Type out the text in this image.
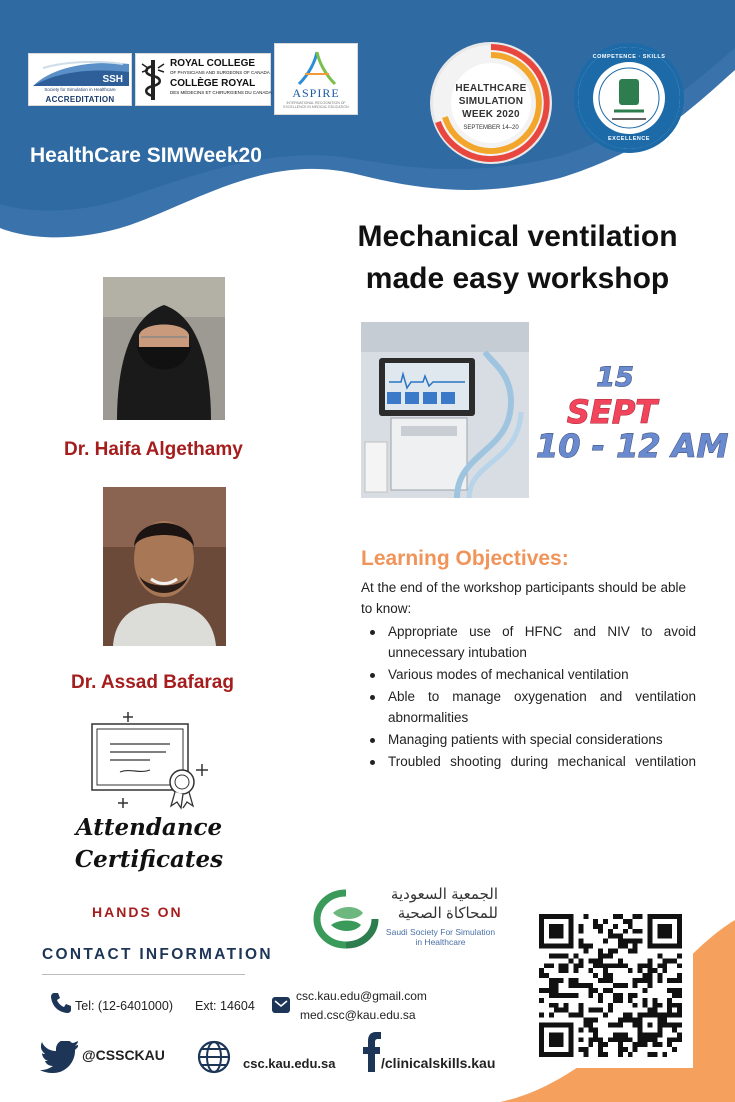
SSH
Society for Simulation in Healthcare
ACCREDITATION
ROYAL COLLEGE
OF PHYSICIANS AND SURGEONS OF CANADA
COLLÈGE ROYAL
DES MÉDECINS ET CHIRURGIENS DU CANADA	ASPIRE
INTERNATIONAL RECOGNITION OF EXCELLENCE IN MEDICAL EDUCATION
HEALTHCARE
SIMULATION
WEEK 2020
SEPTEMBER 14–20
COMPETENCE · SKILLS
EXCELLENCE
HealthCare SIMWeek20
Mechanical ventilation
made easy workshop
Dr. Haifa Algethamy
Dr. Assad Bafarag
15
SEPT
10 - 12 AM
Learning Objectives:
At the end of the workshop participants should be able to know:
Appropriate use of HFNC and NIV to avoid unnecessary intubation
Various modes of mechanical ventilation
Able to manage oxygenation and ventilation abnormalities
Managing patients with special considerations
Troubled shooting during mechanical ventilation
Attendance
Certificates
HANDS ON
الجمعية السعودية
للمحاكاة الصحية
Saudi Society For Simulation
in Healthcare
CONTACT INFORMATION
Tel: (12-6401000) Ext: 14604
csc.kau.edu@gmail.com
med.csc@kau.edu.sa
@CSSCKAU
csc.kau.edu.sa	/clinicalskills.kau
